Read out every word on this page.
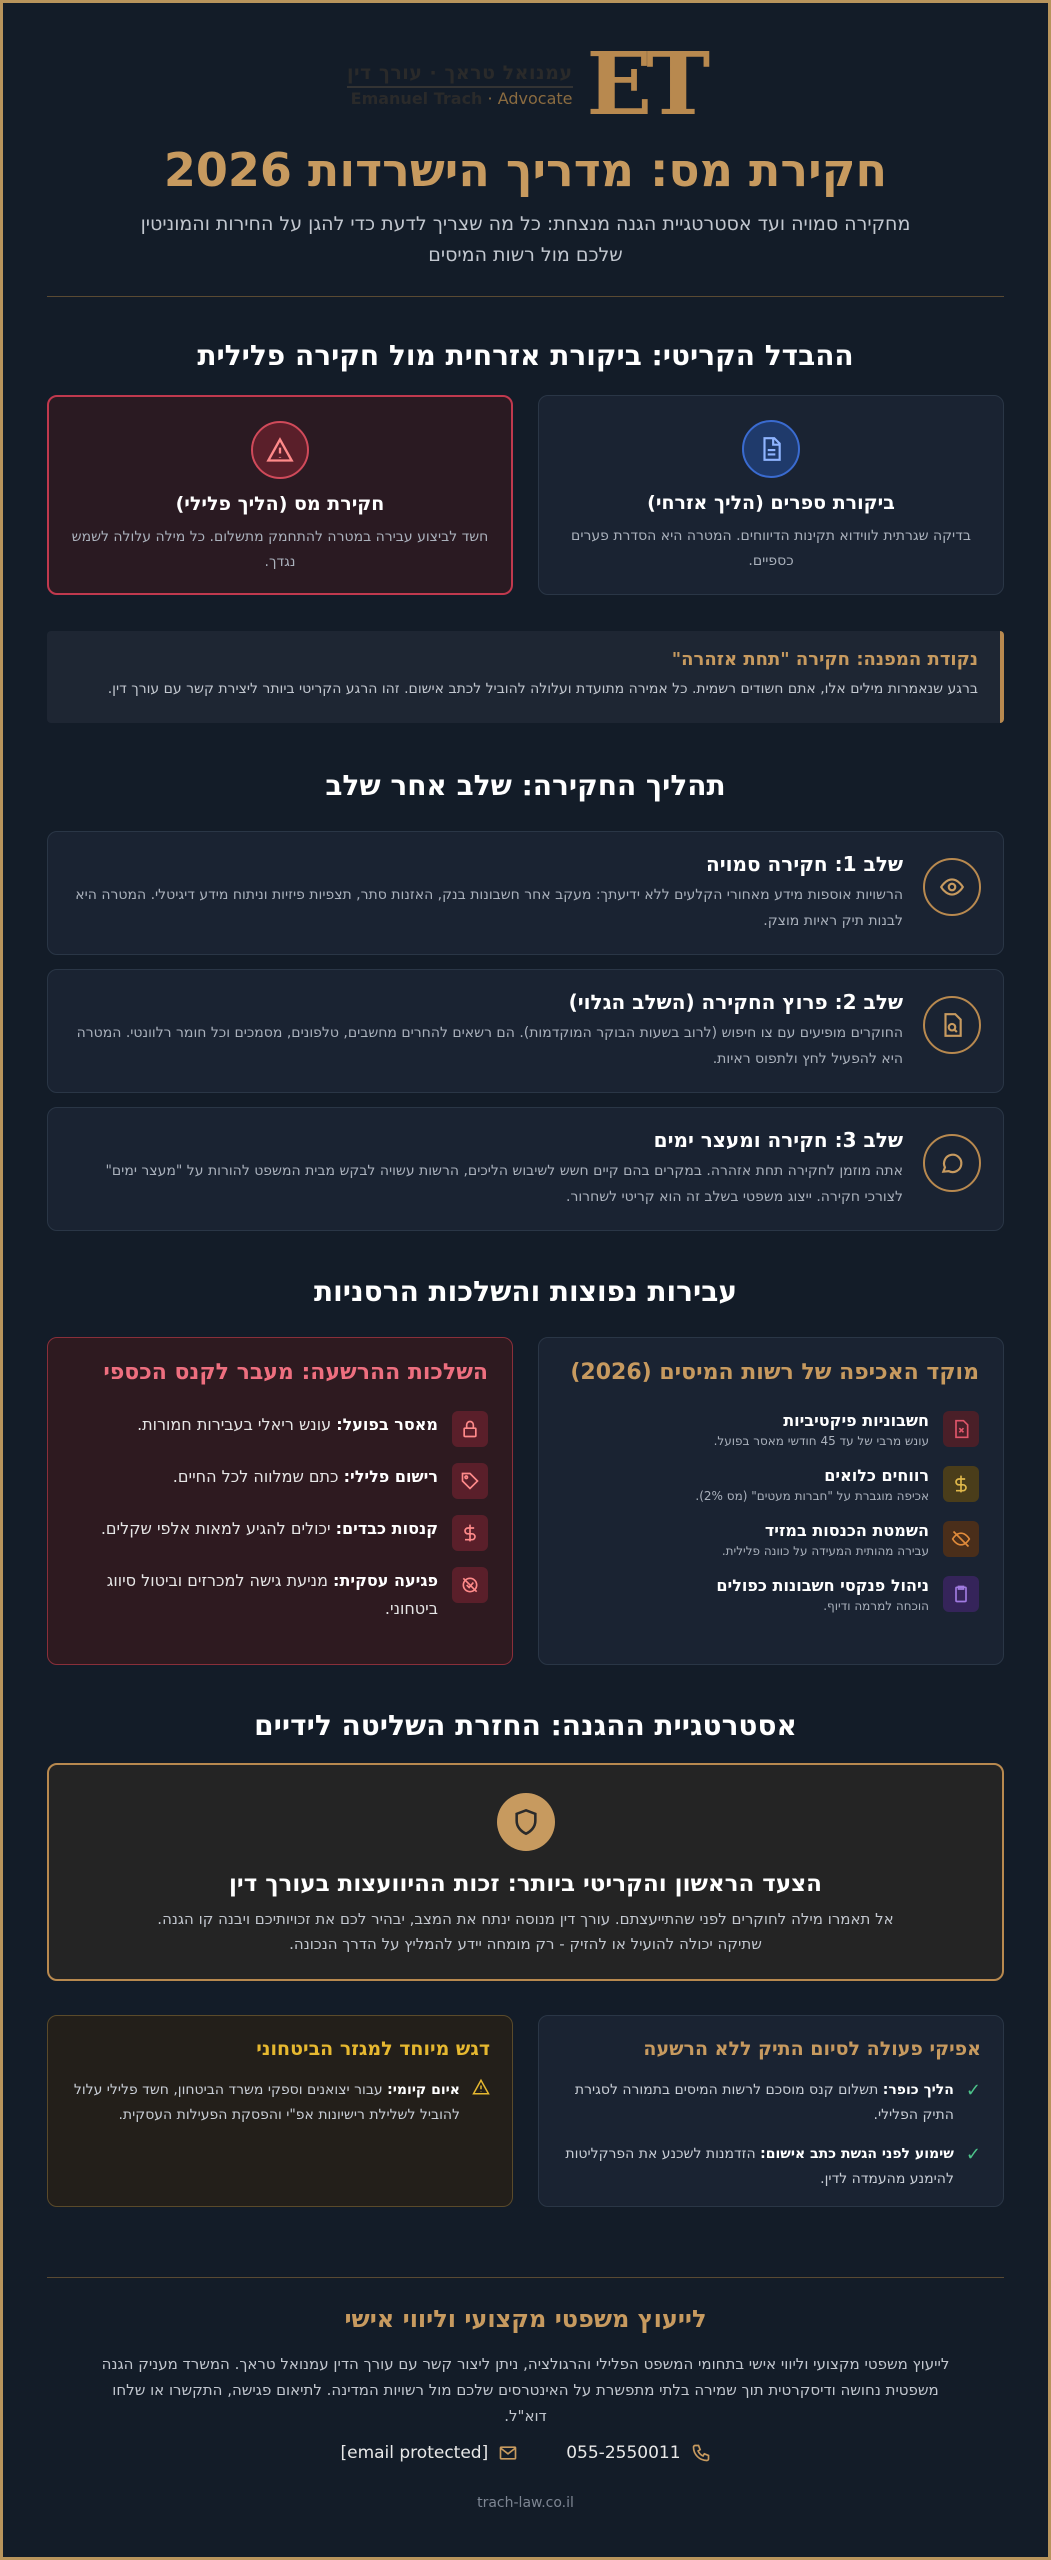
עמנואל טראך · עורך דין
Emanuel Trach · Advocate ET
חקירת מס: מדריך הישרדות 2026
מחקירה סמויה ועד אסטרטגיית הגנה מנצחת: כל מה שצריך לדעת כדי להגן על החירות והמוניטין שלכם מול רשות המיסים
ההבדל הקריטי: ביקורת אזרחית מול חקירה פלילית
ביקורת ספרים (הליך אזרחי)
בדיקה שגרתית לווידוא תקינות הדיווחים. המטרה היא הסדרת פערים כספיים.
חקירת מס (הליך פלילי)
חשד לביצוע עבירה במטרה להתחמק מתשלום. כל מילה עלולה לשמש נגדך.
נקודת המפנה: חקירה "תחת אזהרה"
ברגע שנאמרות מילים אלו, אתם חשודים רשמית. כל אמירה מתועדת ועלולה להוביל לכתב אישום. זהו הרגע הקריטי ביותר ליצירת קשר עם עורך דין.
תהליך החקירה: שלב אחר שלב
שלב 1: חקירה סמויה
הרשויות אוספות מידע מאחורי הקלעים ללא ידיעתך: מעקב אחר חשבונות בנק, האזנות סתר, תצפיות פיזיות וניתוח מידע דיגיטלי. המטרה היא לבנות תיק ראיות מוצק.
שלב 2: פרוץ החקירה (השלב הגלוי)
החוקרים מופיעים עם צו חיפוש (לרוב בשעות הבוקר המוקדמות). הם רשאים להחרים מחשבים, טלפונים, מסמכים וכל חומר רלוונטי. המטרה היא להפעיל לחץ ולתפוס ראיות.
שלב 3: חקירה ומעצר ימים
אתה מוזמן לחקירה תחת אזהרה. במקרים בהם קיים חשש לשיבוש הליכים, הרשות עשויה לבקש מבית המשפט להורות על "מעצר ימים" לצורכי חקירה. ייצוג משפטי בשלב זה הוא קריטי לשחרור.
עבירות נפוצות והשלכות הרסניות
מוקד האכיפה של רשות המיסים (2026)
חשבוניות פיקטיביות
עונש מרבי של עד 45 חודשי מאסר בפועל.
רווחים כלואים
אכיפה מוגברת על "חברות מעטים" (מס 2%).
השמטת הכנסות במזיד
עבירה מהותית המעידה על כוונה פלילית.
ניהול פנקסי חשבונות כפולים
הוכחה למרמה ודיוף.
השלכות ההרשעה: מעבר לקנס הכספי
מאסר בפועל: עונש ריאלי בעבירות חמורות.
רישום פלילי: כתם שמלווה לכל החיים.
קנסות כבדים: יכולים להגיע למאות אלפי שקלים.
פגיעה עסקית: מניעת גישה למכרזים וביטול סיווג ביטחוני.
אסטרטגיית ההגנה: החזרת השליטה לידיים
הצעד הראשון והקריטי ביותר: זכות ההיוועצות בעורך דין
אל תאמרו מילה לחוקרים לפני שהתייעצתם. עורך דין מנוסה ינתח את המצב, יבהיר לכם את זכויותיכם ויבנה קו הגנה. שתיקה יכולה להועיל או להזיק - רק מומחה יידע להמליץ על הדרך הנכונה.
אפיקי פעולה לסיום התיק ללא הרשעה
✓
הליך כופר: תשלום קנס מוסכם לרשות המיסים בתמורה לסגירת התיק הפלילי.
✓
שימוע לפני הגשת כתב אישום: הזדמנות לשכנע את הפרקליטות להימנע מהעמדה לדין.
דגש מיוחד למגזר הביטחוני
איום קיומי: עבור יצואנים וספקי משרד הביטחון, חשד פלילי עלול להוביל לשלילת רישיונות אפ"י והפסקת הפעילות העסקית.
לייעוץ משפטי מקצועי וליווי אישי
לייעוץ משפטי מקצועי וליווי אישי בתחומי המשפט הפלילי והרגולציה, ניתן ליצור קשר עם עורך הדין עמנואל טראך. המשרד מעניק הגנה משפטית נחושה ודיסקרטית תוך שמירה בלתי מתפשרת על האינטרסים שלכם מול רשויות המדינה. לתיאום פגישה, התקשרו או שלחו דוא"ל.
055-2550011
[email protected]
trach-law.co.il
